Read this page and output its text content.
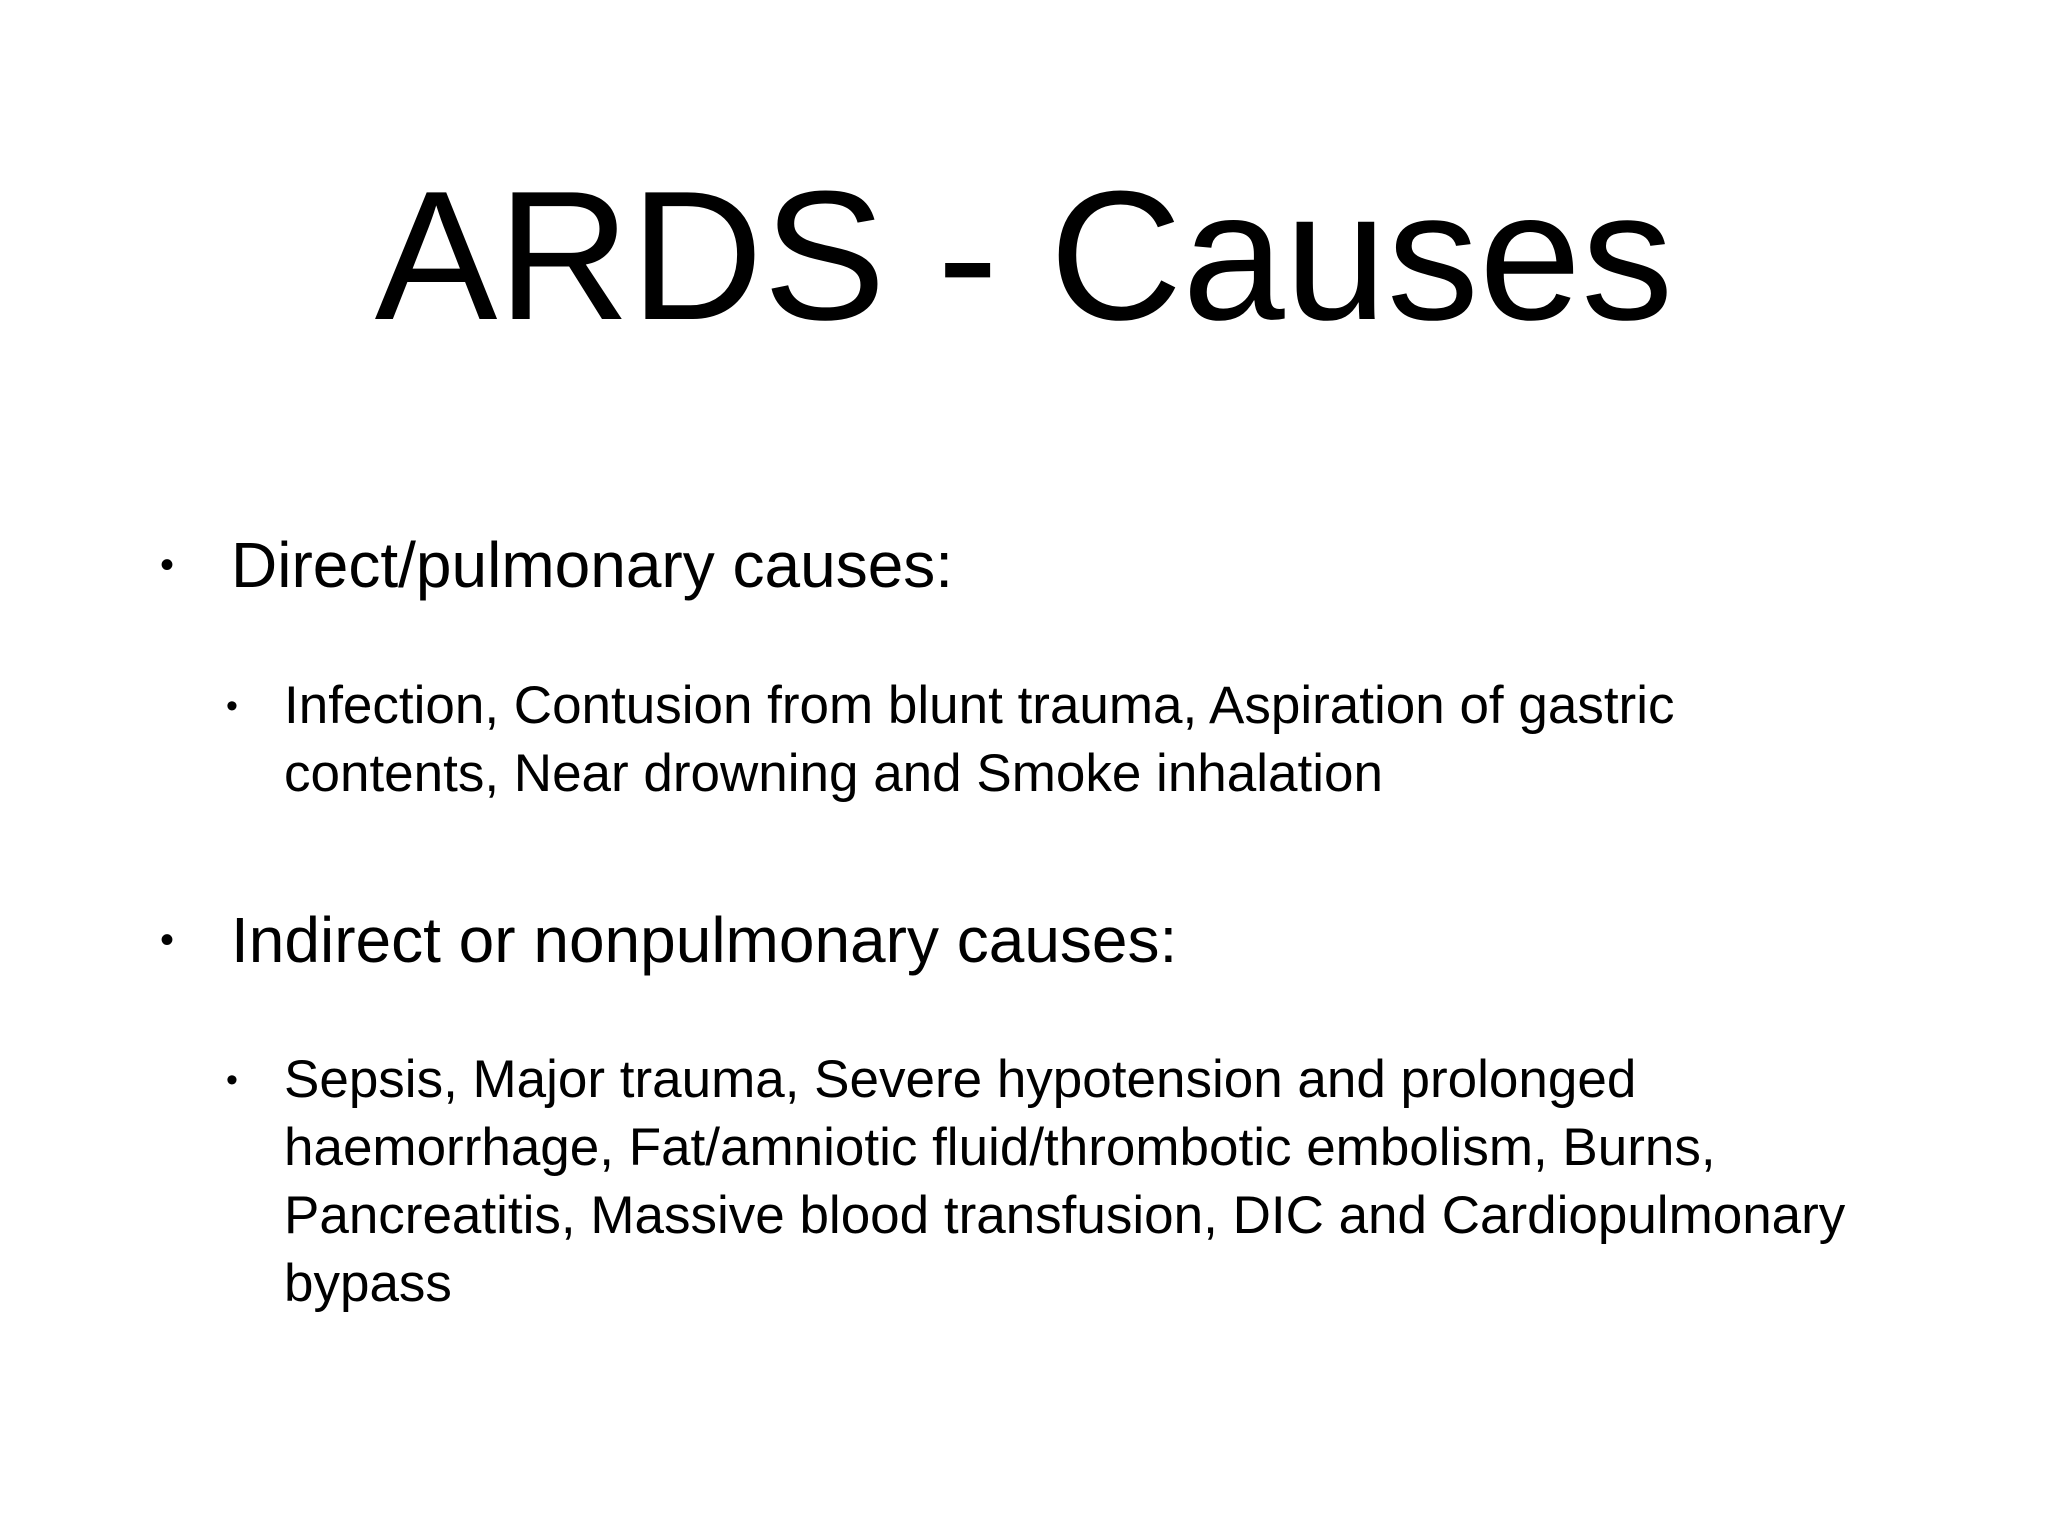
ARDS - Causes
• Direct/pulmonary causes:
• Infection, Contusion from blunt trauma, Aspiration of gastric contents, Near drowning and Smoke inhalation
• Indirect or nonpulmonary causes:
• Sepsis, Major trauma, Severe hypotension and prolonged haemorrhage, Fat/amniotic fluid/thrombotic embolism, Burns, Pancreatitis, Massive blood transfusion, DIC and Cardiopulmonary bypass
